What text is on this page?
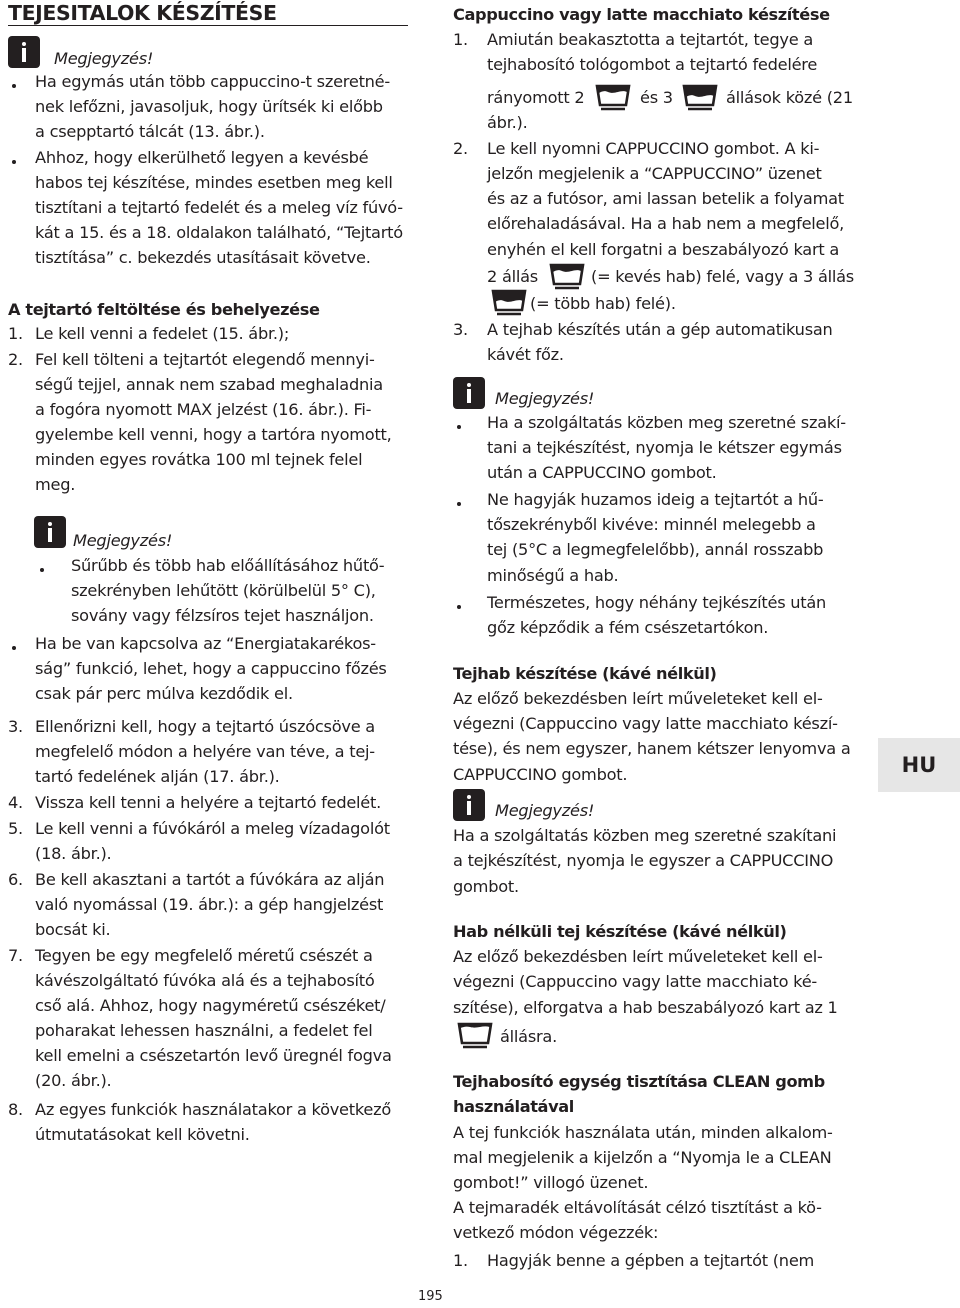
TEJESITALOK KÉSZÍTÉSE
Megjegyzés!
Ha egymás után több cappuccino-t szeretné-
nek lefőzni, javasoljuk, hogy ürítsék ki előbb
a csepptartó tálcát (13. ábr.).
Ahhoz, hogy elkerülhető legyen a kevésbé
habos tej készítése, mindes esetben meg kell
tisztítani a tejtartó fedelét és a meleg víz fúvó-
kát a 15. és a 18. oldalakon található, “Tejtartó
tisztítása” c. bekezdés utasításait követve.
A tejtartó feltöltése és behelyezése
1. Le kell venni a fedelet (15. ábr.);
2. Fel kell tölteni a tejtartót elegendő mennyi-
ségű tejjel, annak nem szabad meghaladnia
a fogóra nyomott MAX jelzést (16. ábr.). Fi-
gyelembe kell venni, hogy a tartóra nyomott,
minden egyes rovátka 100 ml tejnek felel
meg.
Megjegyzés!
Sűrűbb és több hab előállításához hűtő-
szekrényben lehűtött (körülbelül 5° C),
sovány vagy félzsíros tejet használjon.
Ha be van kapcsolva az “Energiatakarékos-
ság” funkció, lehet, hogy a cappuccino főzés
csak pár perc múlva kezdődik el.
3. Ellenőrizni kell, hogy a tejtartó úszócsöve a
megfelelő módon a helyére van téve, a tej-
tartó fedelének alján (17. ábr.).
4. Vissza kell tenni a helyére a tejtartó fedelét.
5. Le kell venni a fúvókáról a meleg vízadagolót
(18. ábr.).
6. Be kell akasztani a tartót a fúvókára az alján
való nyomással (19. ábr.): a gép hangjelzést
bocsát ki.
7. Tegyen be egy megfelelő méretű csészét a
kávészolgáltató fúvóka alá és a tejhabosító
cső alá. Ahhoz, hogy nagyméretű csészéket/
poharakat lehessen használni, a fedelet fel
kell emelni a csészetartón levő üregnél fogva
(20. ábr.).
8. Az egyes funkciók használatakor a következő
útmutatásokat kell követni.
Cappuccino vagy latte macchiato készítése
1. Amiután beakasztotta a tejtartót, tegye a
tejhabosító tológombot a tejtartó fedelére
rányomott 2	és 3	állások közé (21
ábr.).
2. Le kell nyomni CAPPUCCINO gombot. A ki-
jelzőn megjelenik a “CAPPUCCINO” üzenet
és az a futósor, ami lassan betelik a folyamat
előrehaladásával. Ha a hab nem a megfelelő,
enyhén el kell forgatni a beszabályozó kart a
2 állás	(= kevés hab) felé, vagy a 3 állás
(= több hab) felé).
3. A tejhab készítés után a gép automatikusan
kávét főz.
Megjegyzés!
Ha a szolgáltatás közben meg szeretné szakí-
tani a tejkészítést, nyomja le kétszer egymás
után a CAPPUCCINO gombot.
Ne hagyják huzamos ideig a tejtartót a hű-
tőszekrényből kivéve: minnél melegebb a
tej (5°C a legmegfelelőbb), annál rosszabb
minőségű a hab.
Természetes, hogy néhány tejkészítés után
gőz képződik a fém csészetartókon.
Tejhab készítése (kávé nélkül)
Az előző bekezdésben leírt műveleteket kell el-
végezni (Cappuccino vagy latte macchiato készí-
tése), és nem egyszer, hanem kétszer lenyomva a
CAPPUCCINO gombot.
Megjegyzés!
Ha a szolgáltatás közben meg szeretné szakítani
a tejkészítést, nyomja le egyszer a CAPPUCCINO
gombot.
Hab nélküli tej készítése (kávé nélkül)
Az előző bekezdésben leírt műveleteket kell el-
végezni (Cappuccino vagy latte macchiato ké-
szítése), elforgatva a hab beszabályozó kart az 1
állásra.
Tejhabosító egység tisztítása CLEAN gomb
használatával
A tej funkciók használata után, minden alkalom-
mal megjelenik a kijelzőn a “Nyomja le a CLEAN
gombot!” villogó üzenet.
A tejmaradék eltávolítását célzó tisztítást a kö-
vetkező módon végezzék:
1. Hagyják benne a gépben a tejtartót (nem
HU
195
